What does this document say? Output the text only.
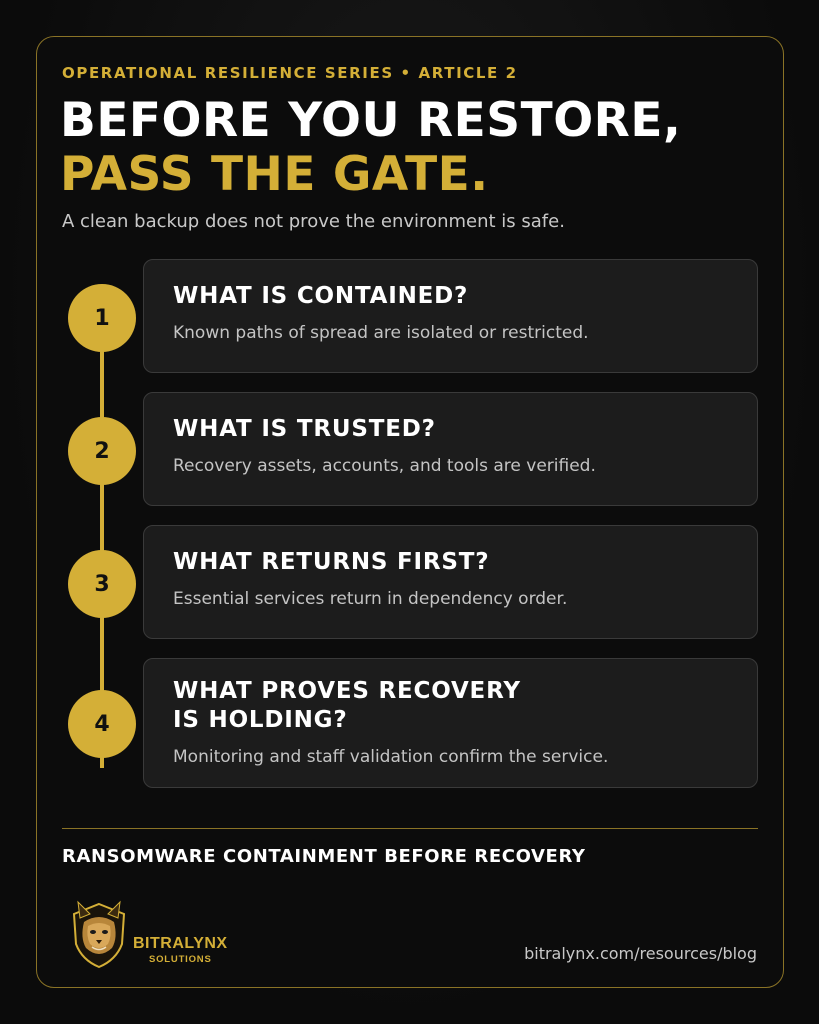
OPERATIONAL RESILIENCE SERIES • ARTICLE 2
BEFORE YOU RESTORE,
PASS THE GATE.
A clean backup does not prove the environment is safe.
1
WHAT IS CONTAINED?
Known paths of spread are isolated or restricted.
2
WHAT IS TRUSTED?
Recovery assets, accounts, and tools are verified.
3
WHAT RETURNS FIRST?
Essential services return in dependency order.
4
WHAT PROVES RECOVERY
IS HOLDING?
Monitoring and staff validation confirm the service.
RANSOMWARE CONTAINMENT BEFORE RECOVERY
BITRALYNX
SOLUTIONS	bitralynx.com/resources/blog
